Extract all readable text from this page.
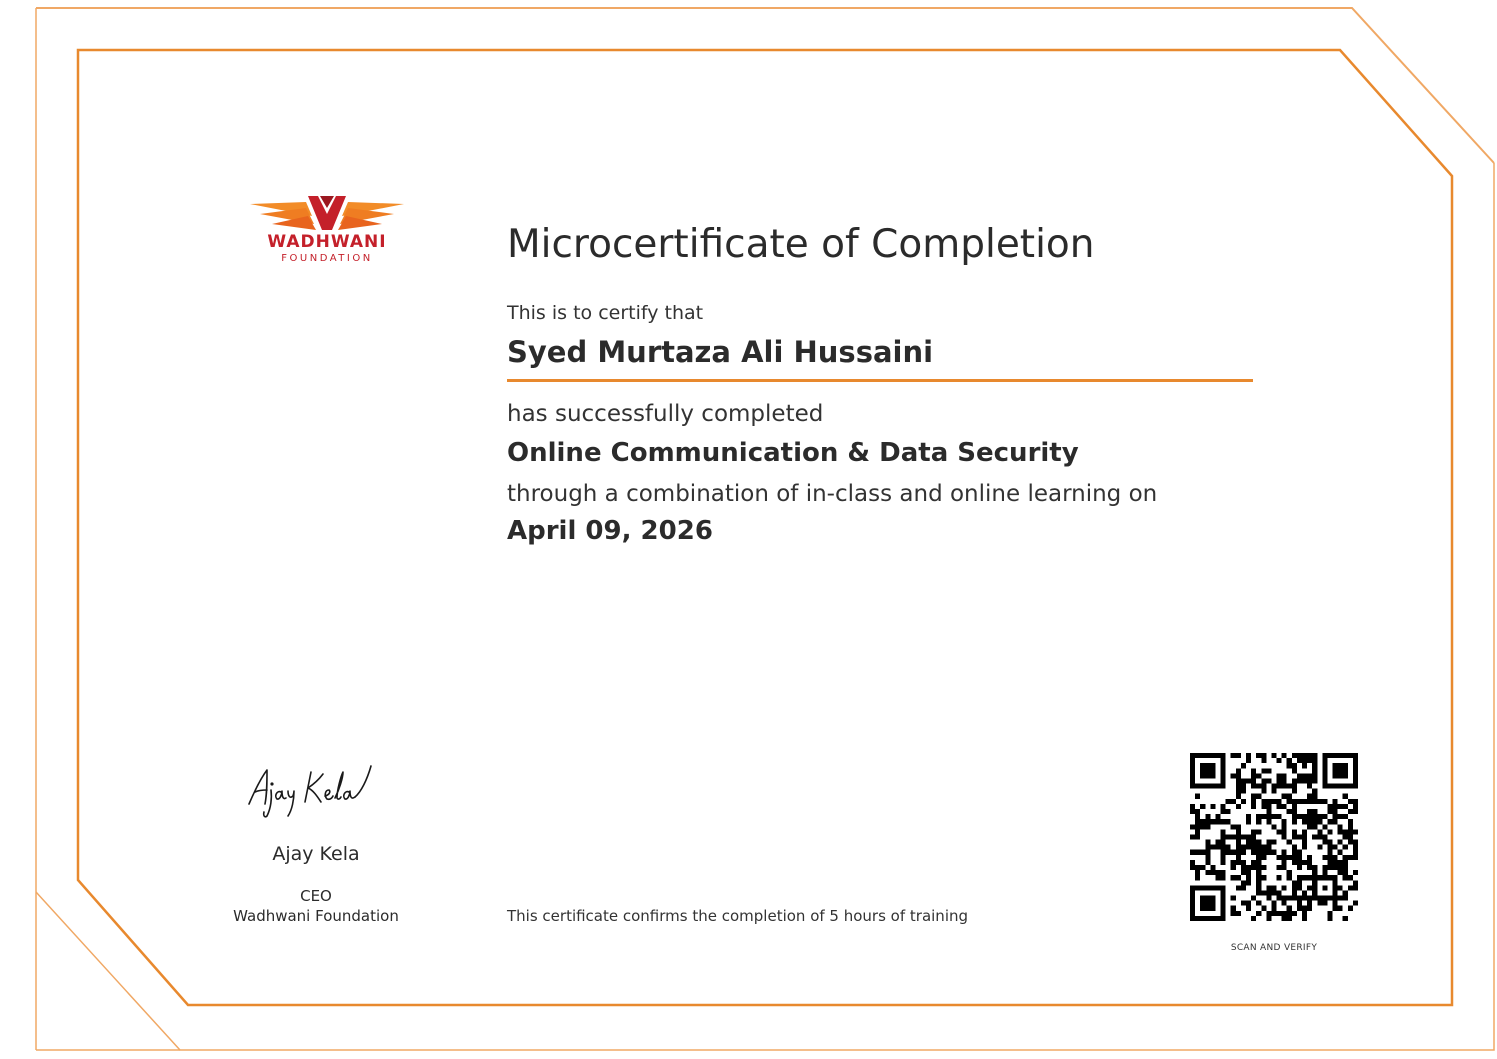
WADHWANI
FOUNDATION	Microcertificate of Completion
This is to certify that
Syed Murtaza Ali Hussaini
has successfully completed
Online Communication & Data Security
through a combination of in-class and online learning on
April 09, 2026
Ajay Kela
CEO
Wadhwani Foundation	This certificate confirms the completion of 5 hours of training
SCAN AND VERIFY
